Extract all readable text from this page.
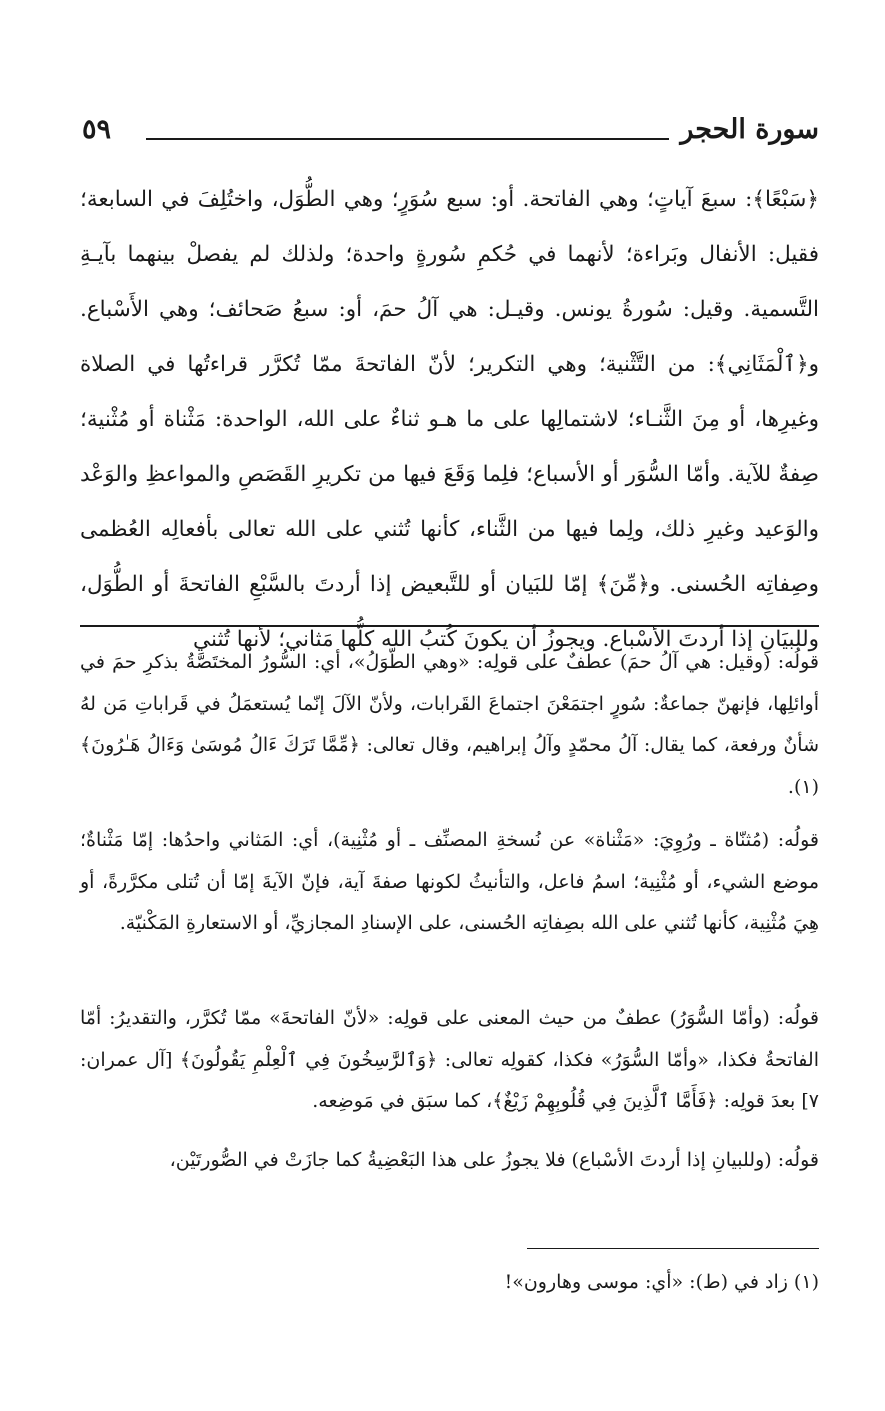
سورة الحجر
٥٩

﴿سَبْعًا﴾: سبعَ آياتٍ؛ وهي الفاتحة. أو: سبع سُوَرٍ؛ وهي الطُّوَل، واختُلِفَ في السابعة؛ فقيل: الأنفال وبَراءة؛ لأنهما في حُكمِ سُورةٍ واحدة؛ ولذلك لم يفصلْ بينهما بآيـةِ التَّسمية. وقيل: سُورةُ يونس. وقيـل: هي آلُ حمَ، أو: سبعُ صَحائف؛ وهي الأَسْباع. و﴿ٱلْمَثَانِي﴾: من التَّثْنية؛ وهي التكرير؛ لأنّ الفاتحةَ ممّا تُكرَّر قراءتُها في الصلاة وغيرِها، أو مِنَ الثَّنـاء؛ لاشتمالِها على ما هـو ثناءٌ على الله، الواحدة: مَثْناة أو مُثْنية؛ صِفةٌ للآية. وأمّا السُّوَر أو الأسباع؛ فلِما وَقَعَ فيها من تكريرِ القَصَصِ والمواعظِ والوَعْد والوَعيد وغيرِ ذلك، ولِما فيها من الثَّناء، كأنها تُثني على الله تعالى بأفعالِه العُظمى وصِفاتِه الحُسنى. و﴿مِّنَ﴾ إمّا للبَيان أو للتَّبعيض إذا أردتَ بالسَّبْعِ الفاتحةَ أو الطُّوَل، وللبيَانِ إذا أردتَ الأسْباع. ويجوزُ أن يكونَ كُتبُ الله كلُّها مَثاني؛ لأنها تُثني

قولُه: (وقيل: هي آلُ حمَ) عطفٌ على قولِه: «وهي الطّوَلُ»، أي: السُّورُ المختَصَّةُ بذكرِ حمَ في أوائلِها، فإنهنّ جماعةٌ: سُورٍ اجتمَعْنَ اجتماعَ القَرابات، ولأنّ الآلَ إنّما يُستعمَلُ في قَراباتِ مَن لهُ شأنٌ ورفعة، كما يقال: آلُ محمّدٍ وآلُ إبراهيم، وقال تعالى: ﴿مِّمَّا تَرَكَ ءَالُ مُوسَىٰ وَءَالُ هَـٰرُونَ﴾(١).

قولُه: (مُثنّاة ـ ورُوِيَ: «مَثْناة» عن نُسخةِ المصنِّف ـ أو مُثْنِية)، أي: المَثاني واحدُها: إمّا مَثْناةٌ؛ موضع الشيء، أو مُثْنِية؛ اسمُ فاعل، والتأنيثُ لكونها صفةَ آية، فإنّ الآيةَ إمّا أن تُتلى مكرَّرةً، أو هِيَ مُثْنِية، كأنها تُثني على الله بصِفاتِه الحُسنى، على الإسنادِ المجازيِّ، أو الاستعارةِ المَكْنيّة.

قولُه: (وأمّا السُّوَرُ) عطفٌ من حيث المعنى على قولِه: «لأنّ الفاتحةَ» ممّا تُكرَّر، والتقديرُ: أمّا الفاتحةُ فكذا، «وأمّا السُّوَرُ» فكذا، كقولِه تعالى: ﴿وَٱلرَّٰسِخُونَ فِي ٱلْعِلْمِ يَقُولُونَ﴾ [آل عمران: ٧] بعدَ قولِه: ﴿فَأَمَّا ٱلَّذِينَ فِي قُلُوبِهِمْ زَيْغٌ﴾، كما سبَق في مَوضِعه.

قولُه: (وللبيانِ إذا أردتَ الأسْباع) فلا يجوزُ على هذا البَعْضِيةُ كما جازَتْ في الصُّورتَيْن،

(١) زاد في (ط): «أي: موسى وهارون»!
